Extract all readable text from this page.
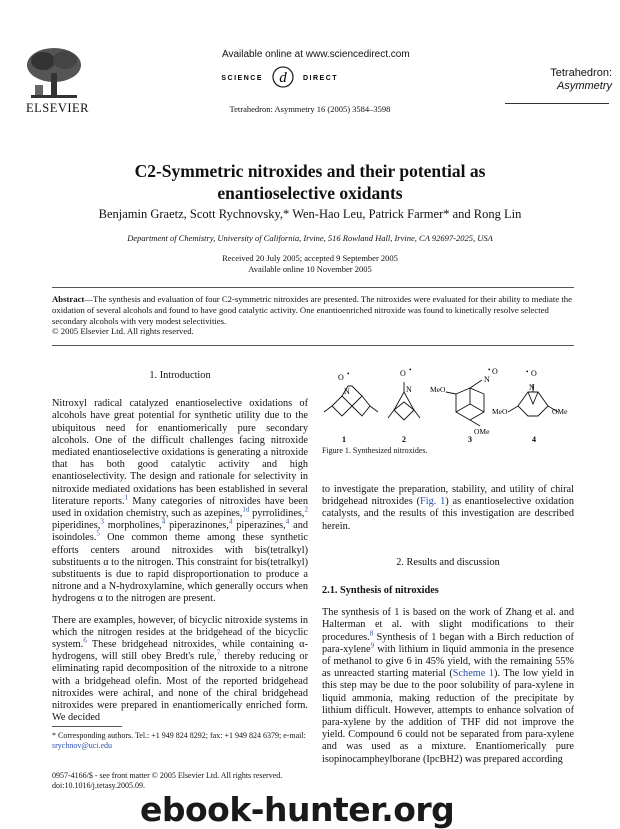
ELSEVIER
Available online at www.sciencedirect.com
SCIENCE d DIRECT	Tetrahedron:
Asymmetry
Tetrahedron: Asymmetry 16 (2005) 3584–3598
C2-Symmetric nitroxides and their potential as
enantioselective oxidants
Benjamin Graetz, Scott Rychnovsky,* Wen-Hao Leu, Patrick Farmer* and Rong Lin
Department of Chemistry, University of California, Irvine, 516 Rowland Hall, Irvine, CA 92697-2025, USA
Received 20 July 2005; accepted 9 September 2005
Available online 10 November 2005

Abstract—The synthesis and evaluation of four C2-symmetric nitroxides are presented. The nitroxides were evaluated for their ability to mediate the oxidation of several alcohols and found to have good catalytic activity. One enantioenriched nitroxide was found to kinetically resolve selected secondary alcohols with very modest selectivities.

© 2005 Elsevier Ltd. All rights reserved.

1. Introduction

Nitroxyl radical catalyzed enantioselective oxidations of alcohols have great potential for synthetic utility due to the ubiquitous need for enantiomerically pure secondary alcohols. One of the difficult challenges facing nitroxide mediated enantioselective oxidations is generating a nitroxide that has both good catalytic activity and high enantioselectivity. The design and rationale for selectivity in nitroxide mediated oxidations has been established in several literature reports.$^1$ Many categories of nitroxides have been used in oxidation chemistry, such as azepines,$^{1d}$ pyrrolidines,$^2$ piperidines,$^3$ morpholines,$^4$ piperazinones,$^4$ piperazines,$^4$ and isoindoles.$^5$ One common theme among these synthetic efforts centers around nitroxides with bis(tetralkyl) substituents α to the nitrogen. This constraint for bis(tetralkyl) substituents is due to rapid disproportionation to produce a nitrone and a N-hydroxylamine, which generally occurs when hydrogens α to the nitrogen are present.

There are examples, however, of bicyclic nitroxide systems in which the nitrogen resides at the bridgehead of the bicyclic system.$^6$ These bridgehead nitroxides, while containing α-hydrogens, will still obey Bredt's rule,$^7$ thereby reducing or eliminating rapid decomposition of the nitroxide to a nitrone with a bridgehead olefin. Most of the reported bridgehead nitroxides were achiral, and none of the chiral bridgehead nitroxides were prepared in enantiomerically enriched form. We decided

* Corresponding authors. Tel.: +1 949 824 8292; fax: +1 949 824 6379; e-mail: srychnov@uci.edu
0957-4166/$ - see front matter © 2005 Elsevier Ltd. All rights reserved.
doi:10.1016/j.tetasy.2005.09.
N
O •
N
O •
MeO
N
O
•
OMe
N
O
•
MeO	OMe
1	2	3	4
Figure 1. Synthesized nitroxides.

to investigate the preparation, stability, and utility of chiral bridgehead nitroxides (Fig. 1) as enantioselective oxidation catalysts, and the results of this investigation are described herein.

2. Results and discussion
2.1. Synthesis of nitroxides

The synthesis of 1 is based on the work of Zhang et al. and Halterman et al. with slight modifications to their procedures.$^8$ Synthesis of 1 began with a Birch reduction of para-xylene$^9$ with lithium in liquid ammonia in the presence of methanol to give 6 in 45% yield, with the remaining 55% as unreacted starting material (Scheme 1). The low yield in this step may be due to the poor solubility of para-xylene in liquid ammonia, making reduction of the precipitate by lithium difficult. However, attempts to enhance solvation of para-xylene by the addition of THF did not improve the yield. Compound 6 could not be separated from para-xylene and was used as a mixture. Enantiomerically pure isopinocampheylborane (IpcBH2) was prepared according

ebook-hunter.org
